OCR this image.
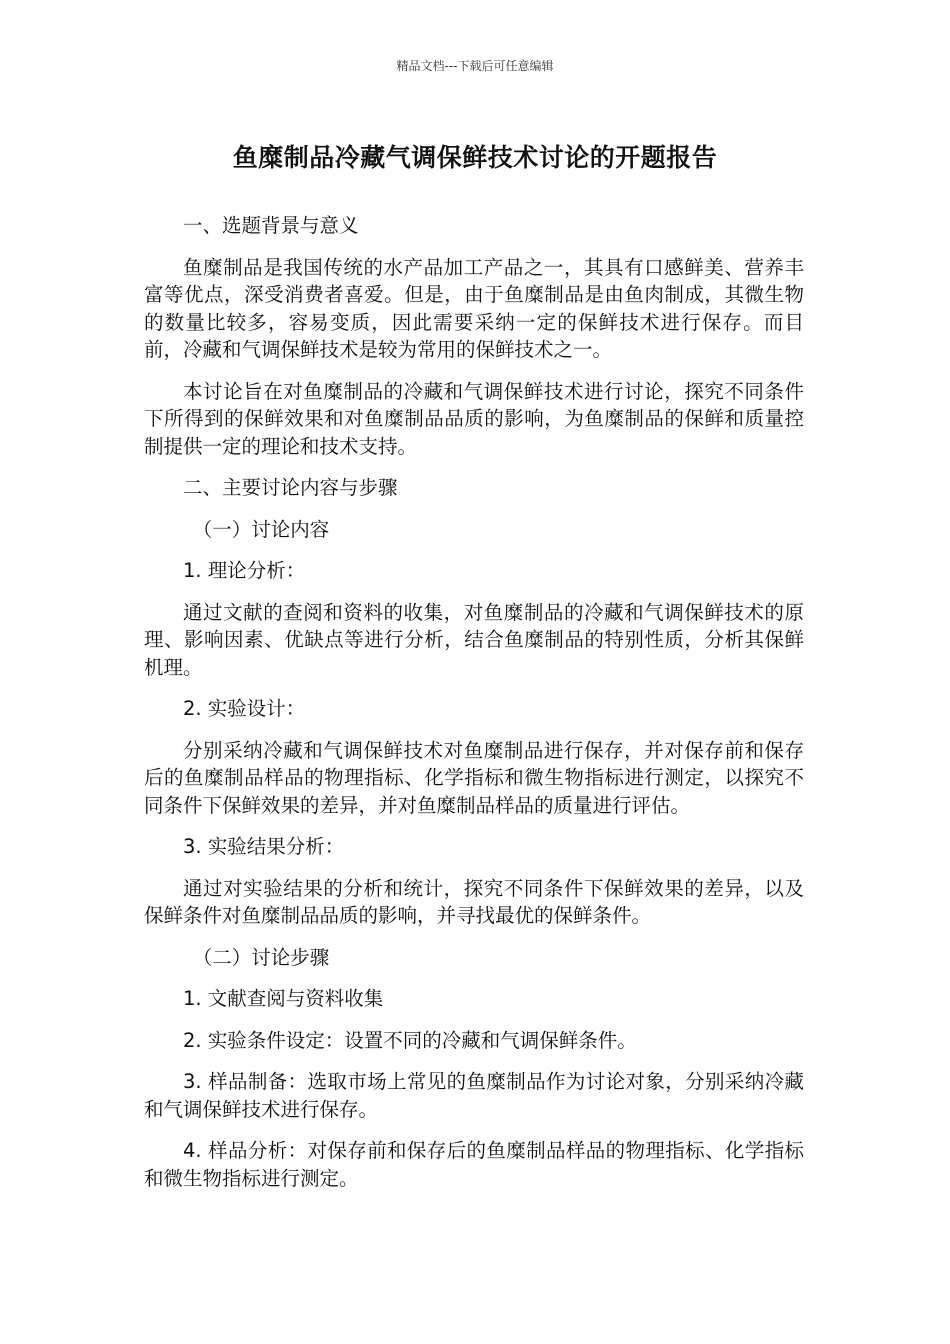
精品文档---下载后可任意编辑
鱼糜制品冷藏气调保鲜技术讨论的开题报告
一、选题背景与意义
鱼糜制品是我国传统的水产品加工产品之一，其具有口感鲜美、营养丰富等优点，深受消费者喜爱。但是，由于鱼糜制品是由鱼肉制成，其微生物的数量比较多，容易变质，因此需要采纳一定的保鲜技术进行保存。而目前，冷藏和气调保鲜技术是较为常用的保鲜技术之一。
本讨论旨在对鱼糜制品的冷藏和气调保鲜技术进行讨论，探究不同条件下所得到的保鲜效果和对鱼糜制品品质的影响，为鱼糜制品的保鲜和质量控制提供一定的理论和技术支持。
二、主要讨论内容与步骤
（一）讨论内容
1. 理论分析：
通过文献的查阅和资料的收集，对鱼糜制品的冷藏和气调保鲜技术的原理、影响因素、优缺点等进行分析，结合鱼糜制品的特别性质，分析其保鲜机理。
2. 实验设计：
分别采纳冷藏和气调保鲜技术对鱼糜制品进行保存，并对保存前和保存后的鱼糜制品样品的物理指标、化学指标和微生物指标进行测定，以探究不同条件下保鲜效果的差异，并对鱼糜制品样品的质量进行评估。
3. 实验结果分析：
通过对实验结果的分析和统计，探究不同条件下保鲜效果的差异，以及保鲜条件对鱼糜制品品质的影响，并寻找最优的保鲜条件。
（二）讨论步骤
1. 文献查阅与资料收集
2. 实验条件设定：设置不同的冷藏和气调保鲜条件。
3. 样品制备：选取市场上常见的鱼糜制品作为讨论对象，分别采纳冷藏和气调保鲜技术进行保存。
4. 样品分析：对保存前和保存后的鱼糜制品样品的物理指标、化学指标和微生物指标进行测定。
